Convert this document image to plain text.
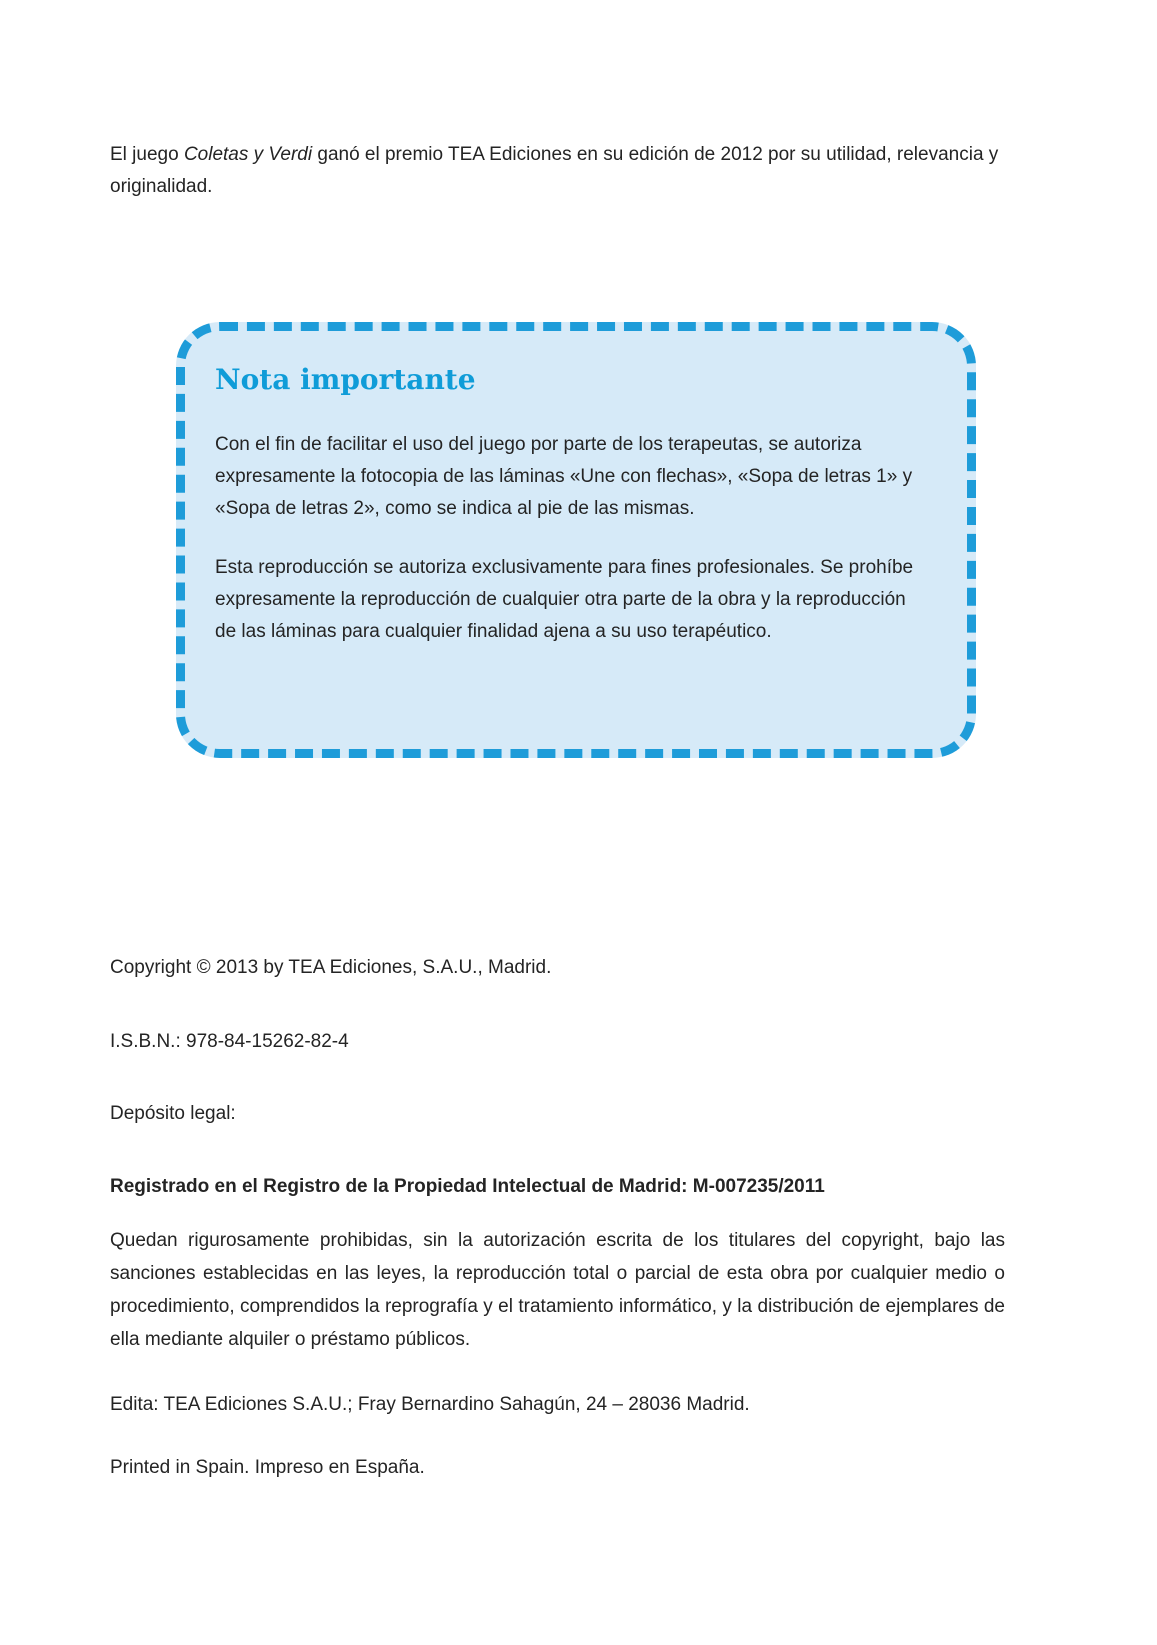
El juego Coletas y Verdi ganó el premio TEA Ediciones en su edición de 2012 por su utilidad, relevancia y originalidad.

Nota importante

Con el fin de facilitar el uso del juego por parte de los terapeutas, se autoriza expresamente la fotocopia de las láminas «Une con flechas», «Sopa de letras 1» y «Sopa de letras 2», como se indica al pie de las mismas.

Esta reproducción se autoriza exclusivamente para fines profesionales. Se prohíbe expresamente la reproducción de cualquier otra parte de la obra y la reproducción de las láminas para cualquier finalidad ajena a su uso terapéutico.

Copyright © 2013 by TEA Ediciones, S.A.U., Madrid.

I.S.B.N.: 978-84-15262-82-4

Depósito legal:

Registrado en el Registro de la Propiedad Intelectual de Madrid: M-007235/2011

Quedan rigurosamente prohibidas, sin la autorización escrita de los titulares del copyright, bajo las sanciones establecidas en las leyes, la reproducción total o parcial de esta obra por cualquier medio o procedimiento, comprendidos la reprografía y el tratamiento informático, y la distribución de ejemplares de ella mediante alquiler o préstamo públicos.

Edita: TEA Ediciones S.A.U.; Fray Bernardino Sahagún, 24 – 28036 Madrid.

Printed in Spain. Impreso en España.
